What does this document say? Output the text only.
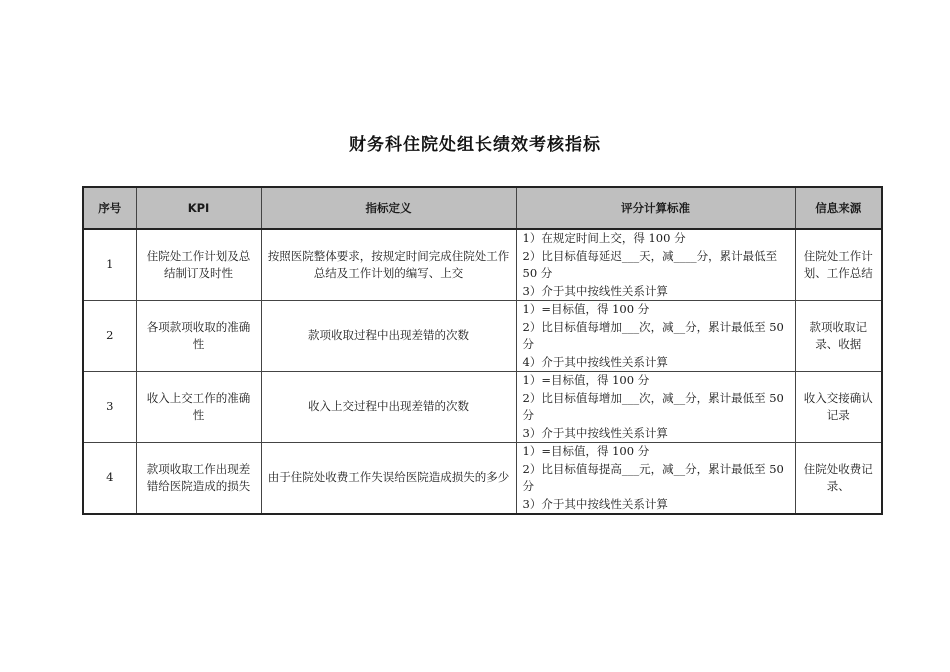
财务科住院处组长绩效考核指标
序号	KPI	指标定义	评分计算标准	信息来源
1	住院处工作计划及总结制订及时性	按照医院整体要求，按规定时间完成住院处工作总结及工作计划的编写、上交	1）在规定时间上交，得 100 分
2）比目标值每延迟___天，减____分，累计最低至 50 分
3）介于其中按线性关系计算	住院处工作计划、工作总结
2	各项款项收取的准确性	款项收取过程中出现差错的次数	1）=目标值，得 100 分
2）比目标值每增加___次，减__分，累计最低至 50 分
4）介于其中按线性关系计算	款项收取记录、收据
3	收入上交工作的准确性	收入上交过程中出现差错的次数	1）=目标值，得 100 分
2）比目标值每增加___次，减__分，累计最低至 50 分
3）介于其中按线性关系计算	收入交接确认记录
4	款项收取工作出现差错给医院造成的损失	由于住院处收费工作失误给医院造成损失的多少	1）=目标值，得 100 分
2）比目标值每提高___元，减__分，累计最低至 50 分
3）介于其中按线性关系计算	住院处收费记录、
